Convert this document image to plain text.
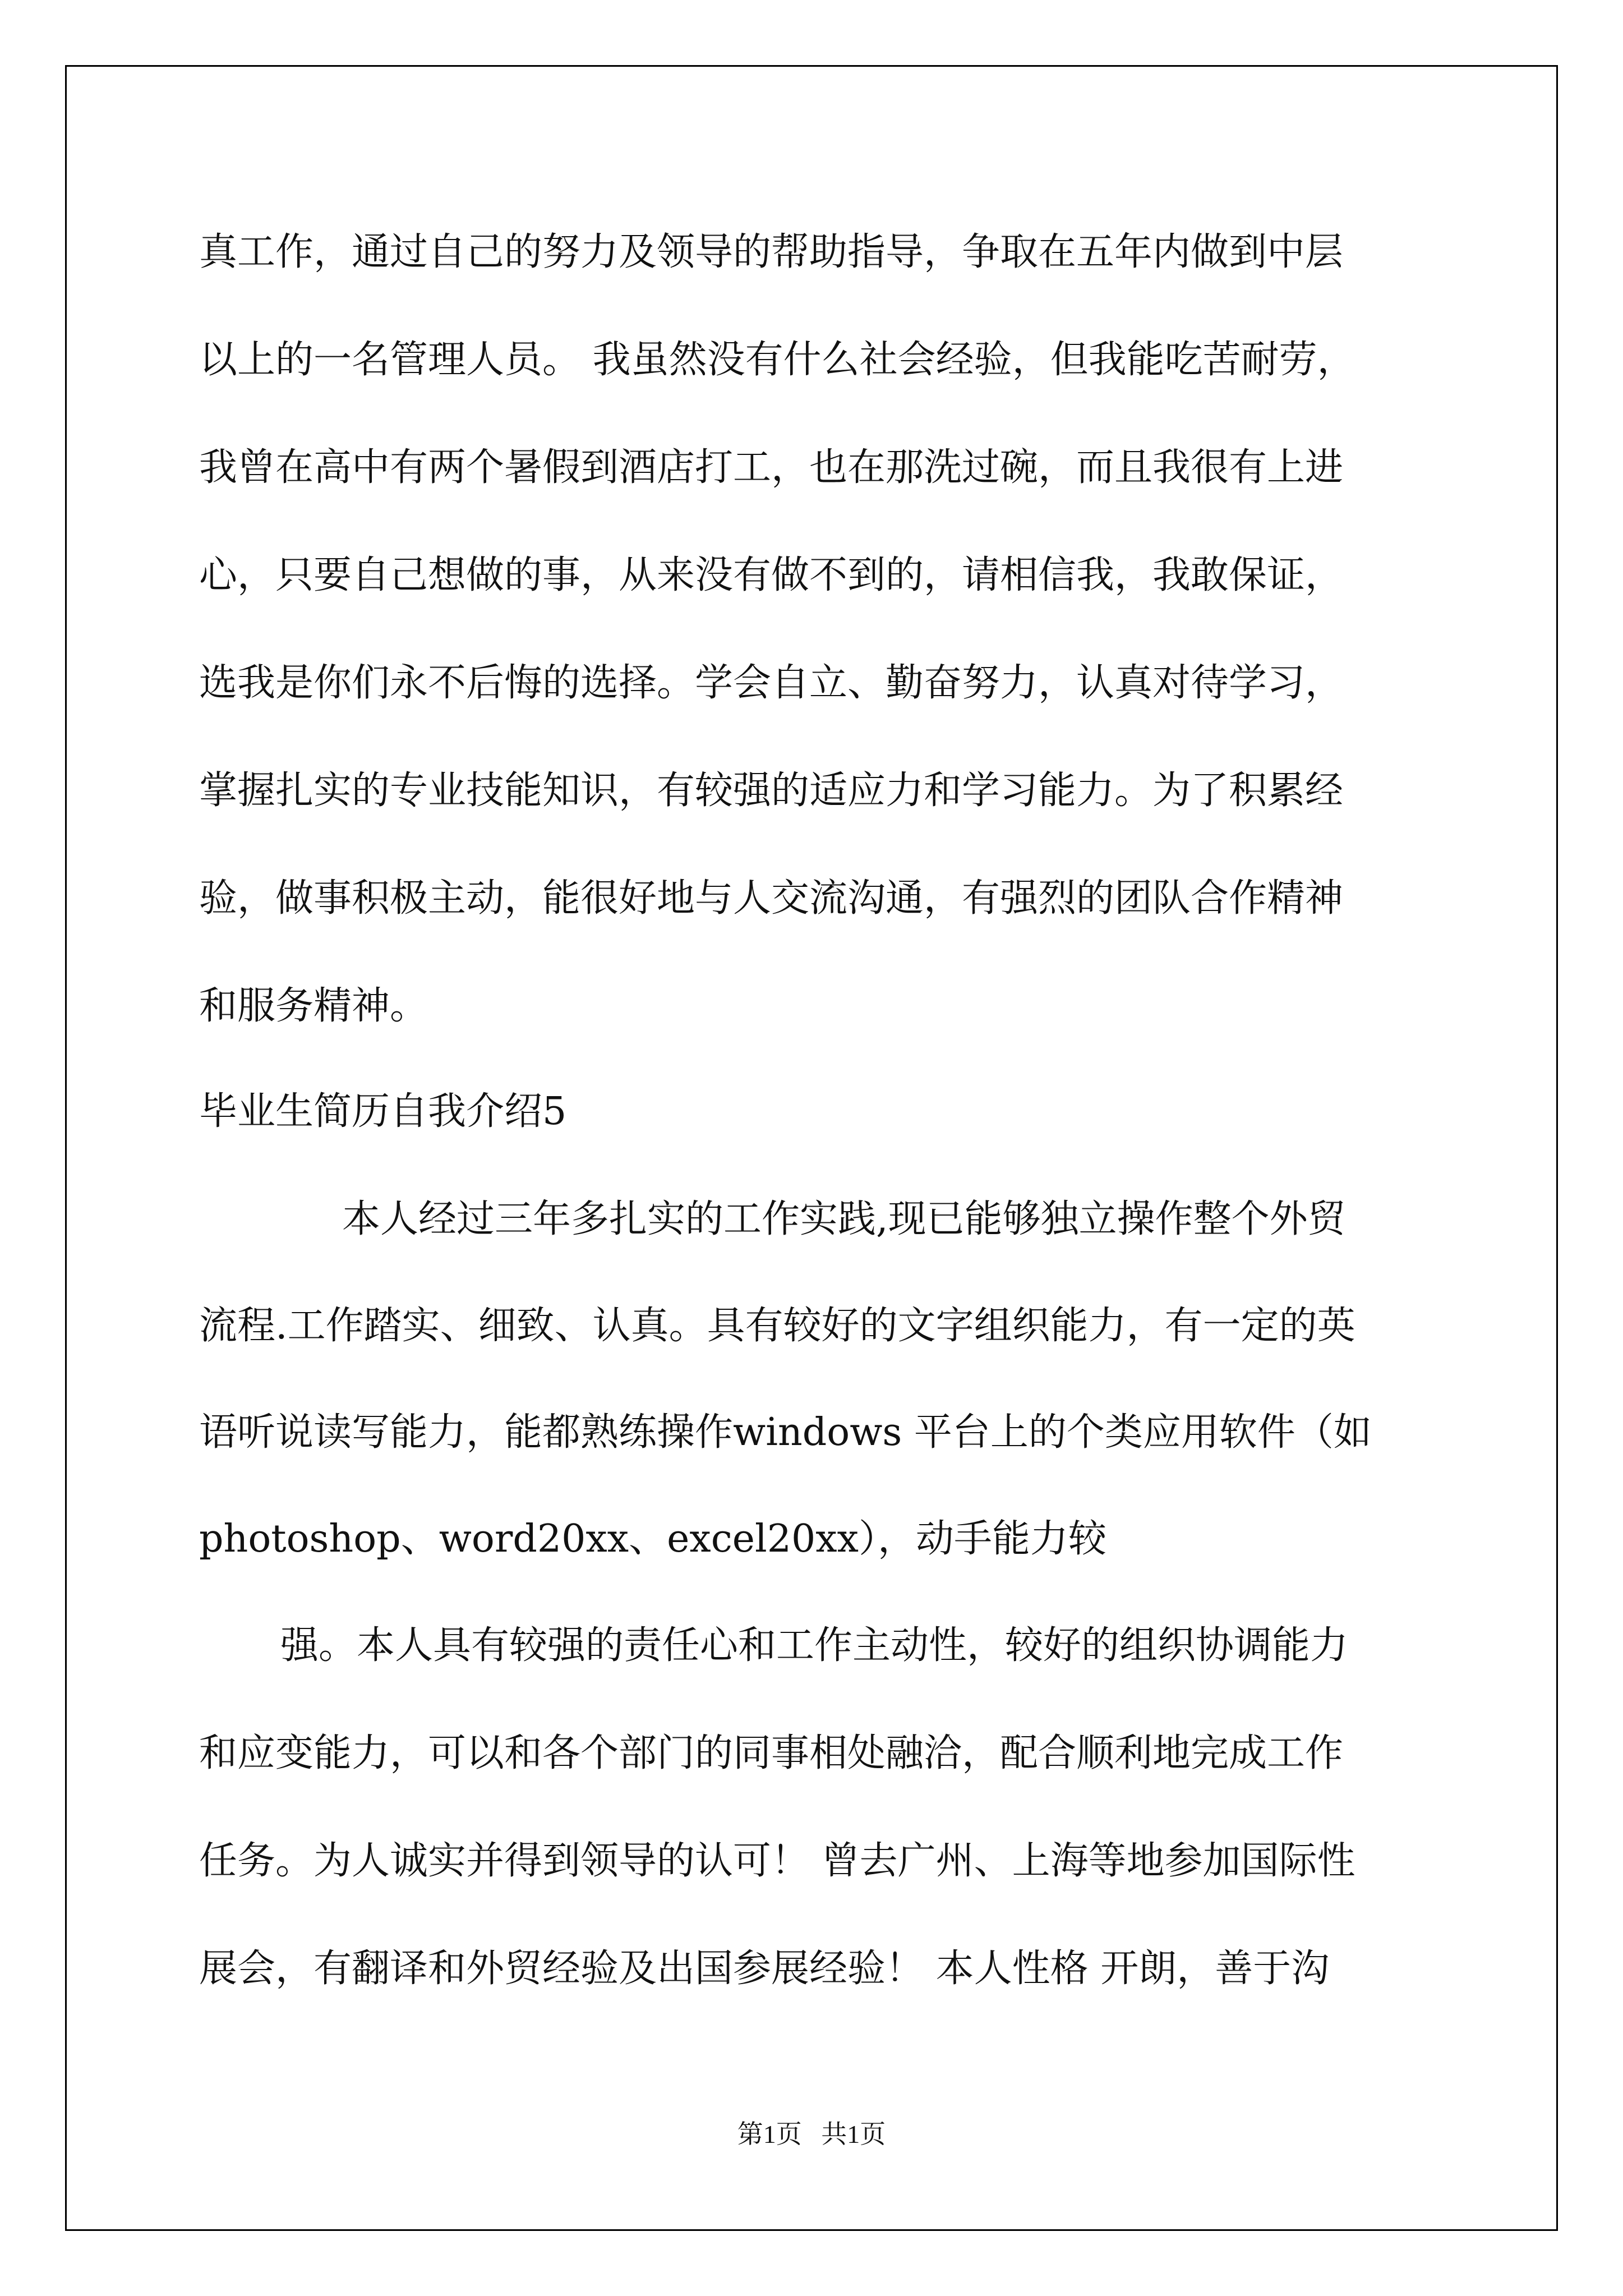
真工作，通过自己的努力及领导的帮助指导，争取在五年内做到中层
以上的一名管理人员。 我虽然没有什么社会经验，但我能吃苦耐劳，
我曾在高中有两个暑假到酒店打工，也在那洗过碗，而且我很有上进
心，只要自己想做的事，从来没有做不到的，请相信我，我敢保证，
选我是你们永不后悔的选择。学会自立、勤奋努力，认真对待学习，
掌握扎实的专业技能知识，有较强的适应力和学习能力。为了积累经
验，做事积极主动，能很好地与人交流沟通，有强烈的团队合作精神
和服务精神。
毕业生简历自我介绍5
本人经过三年多扎实的工作实践,现已能够独立操作整个外贸
流程.工作踏实、细致、认真。具有较好的文字组织能力，有一定的英
语听说读写能力，能都熟练操作windows 平台上的个类应用软件（如
photoshop、word20xx、excel20xx），动手能力较
强。本人具有较强的责任心和工作主动性，较好的组织协调能力
和应变能力，可以和各个部门的同事相处融洽，配合顺利地完成工作
任务。为人诚实并得到领导的认可！ 曾去广州、上海等地参加国际性
展会，有翻译和外贸经验及出国参展经验！ 本人性格 开朗，善于沟
第1页   共1页
